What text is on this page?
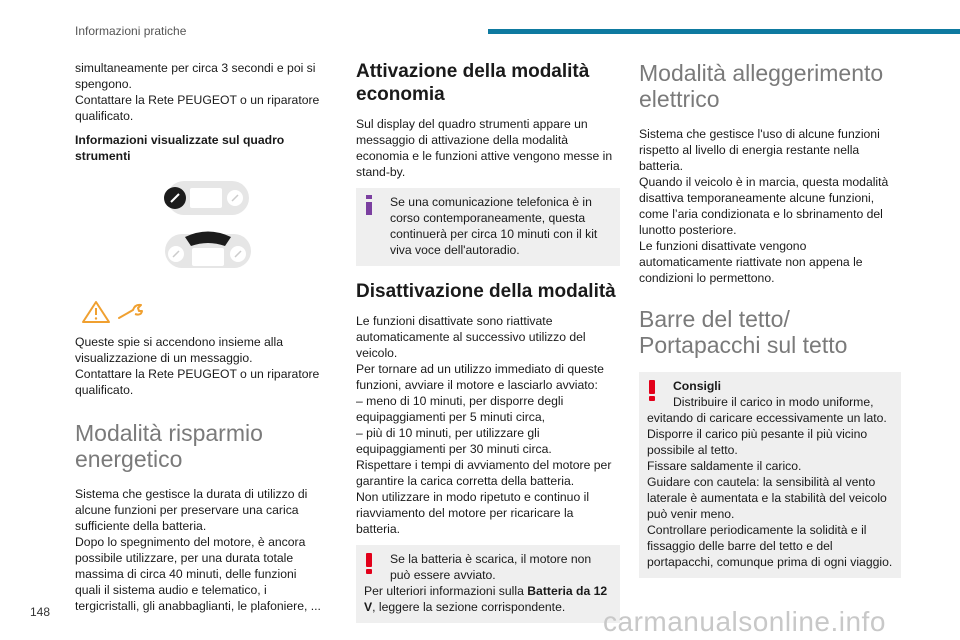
Informazioni pratiche

simultaneamente per circa 3 secondi e poi si spengono.
Contattare la Rete PEUGEOT o un riparatore qualificato.

Informazioni visualizzate sul quadro strumenti

Queste spie si accendono insieme alla visualizzazione di un messaggio.
Contattare la Rete PEUGEOT o un riparatore qualificato.

Modalità risparmio energetico

Sistema che gestisce la durata di utilizzo di alcune funzioni per preservare una carica sufficiente della batteria.
Dopo lo spegnimento del motore, è ancora possibile utilizzare, per una durata totale massima di circa 40 minuti, delle funzioni quali il sistema audio e telematico, i tergicristalli, gli anabbaglianti, le plafoniere, ...

Attivazione della modalità economia

Sul display del quadro strumenti appare un messaggio di attivazione della modalità economia e le funzioni attive vengono messe in stand-by.

Se una comunicazione telefonica è in corso contemporaneamente, questa continuerà per circa 10 minuti con il kit viva voce dell'autoradio.

Disattivazione della modalità

Le funzioni disattivate sono riattivate automaticamente al successivo utilizzo del veicolo.
Per tornare ad un utilizzo immediato di queste funzioni, avviare il motore e lasciarlo avviato:
– meno di 10 minuti, per disporre degli equipaggiamenti per 5 minuti circa,
– più di 10 minuti, per utilizzare gli equipaggiamenti per 30 minuti circa.
Rispettare i tempi di avviamento del motore per garantire la carica corretta della batteria.
Non utilizzare in modo ripetuto e continuo il riavviamento del motore per ricaricare la batteria.

Se la batteria è scarica, il motore non può essere avviato.

Per ulteriori informazioni sulla Batteria da 12 V, leggere la sezione corrispondente.

Modalità alleggerimento elettrico

Sistema che gestisce l'uso di alcune funzioni rispetto al livello di energia restante nella batteria.
Quando il veicolo è in marcia, questa modalità disattiva temporaneamente alcune funzioni, come l’aria condizionata e lo sbrinamento del lunotto posteriore.
Le funzioni disattivate vengono automaticamente riattivate non appena le condizioni lo permettono.

Barre del tetto/ Portapacchi sul tetto
Consigli

Distribuire il carico in modo uniforme, evitando di caricare eccessivamente un lato.
Disporre il carico più pesante il più vicino possibile al tetto.
Fissare saldamente il carico.
Guidare con cautela: la sensibilità al vento laterale è aumentata e la stabilità del veicolo può venir meno.
Controllare periodicamente la solidità e il fissaggio delle barre del tetto e del portapacchi, comunque prima di ogni viaggio.

148	carmanualsonline.info
